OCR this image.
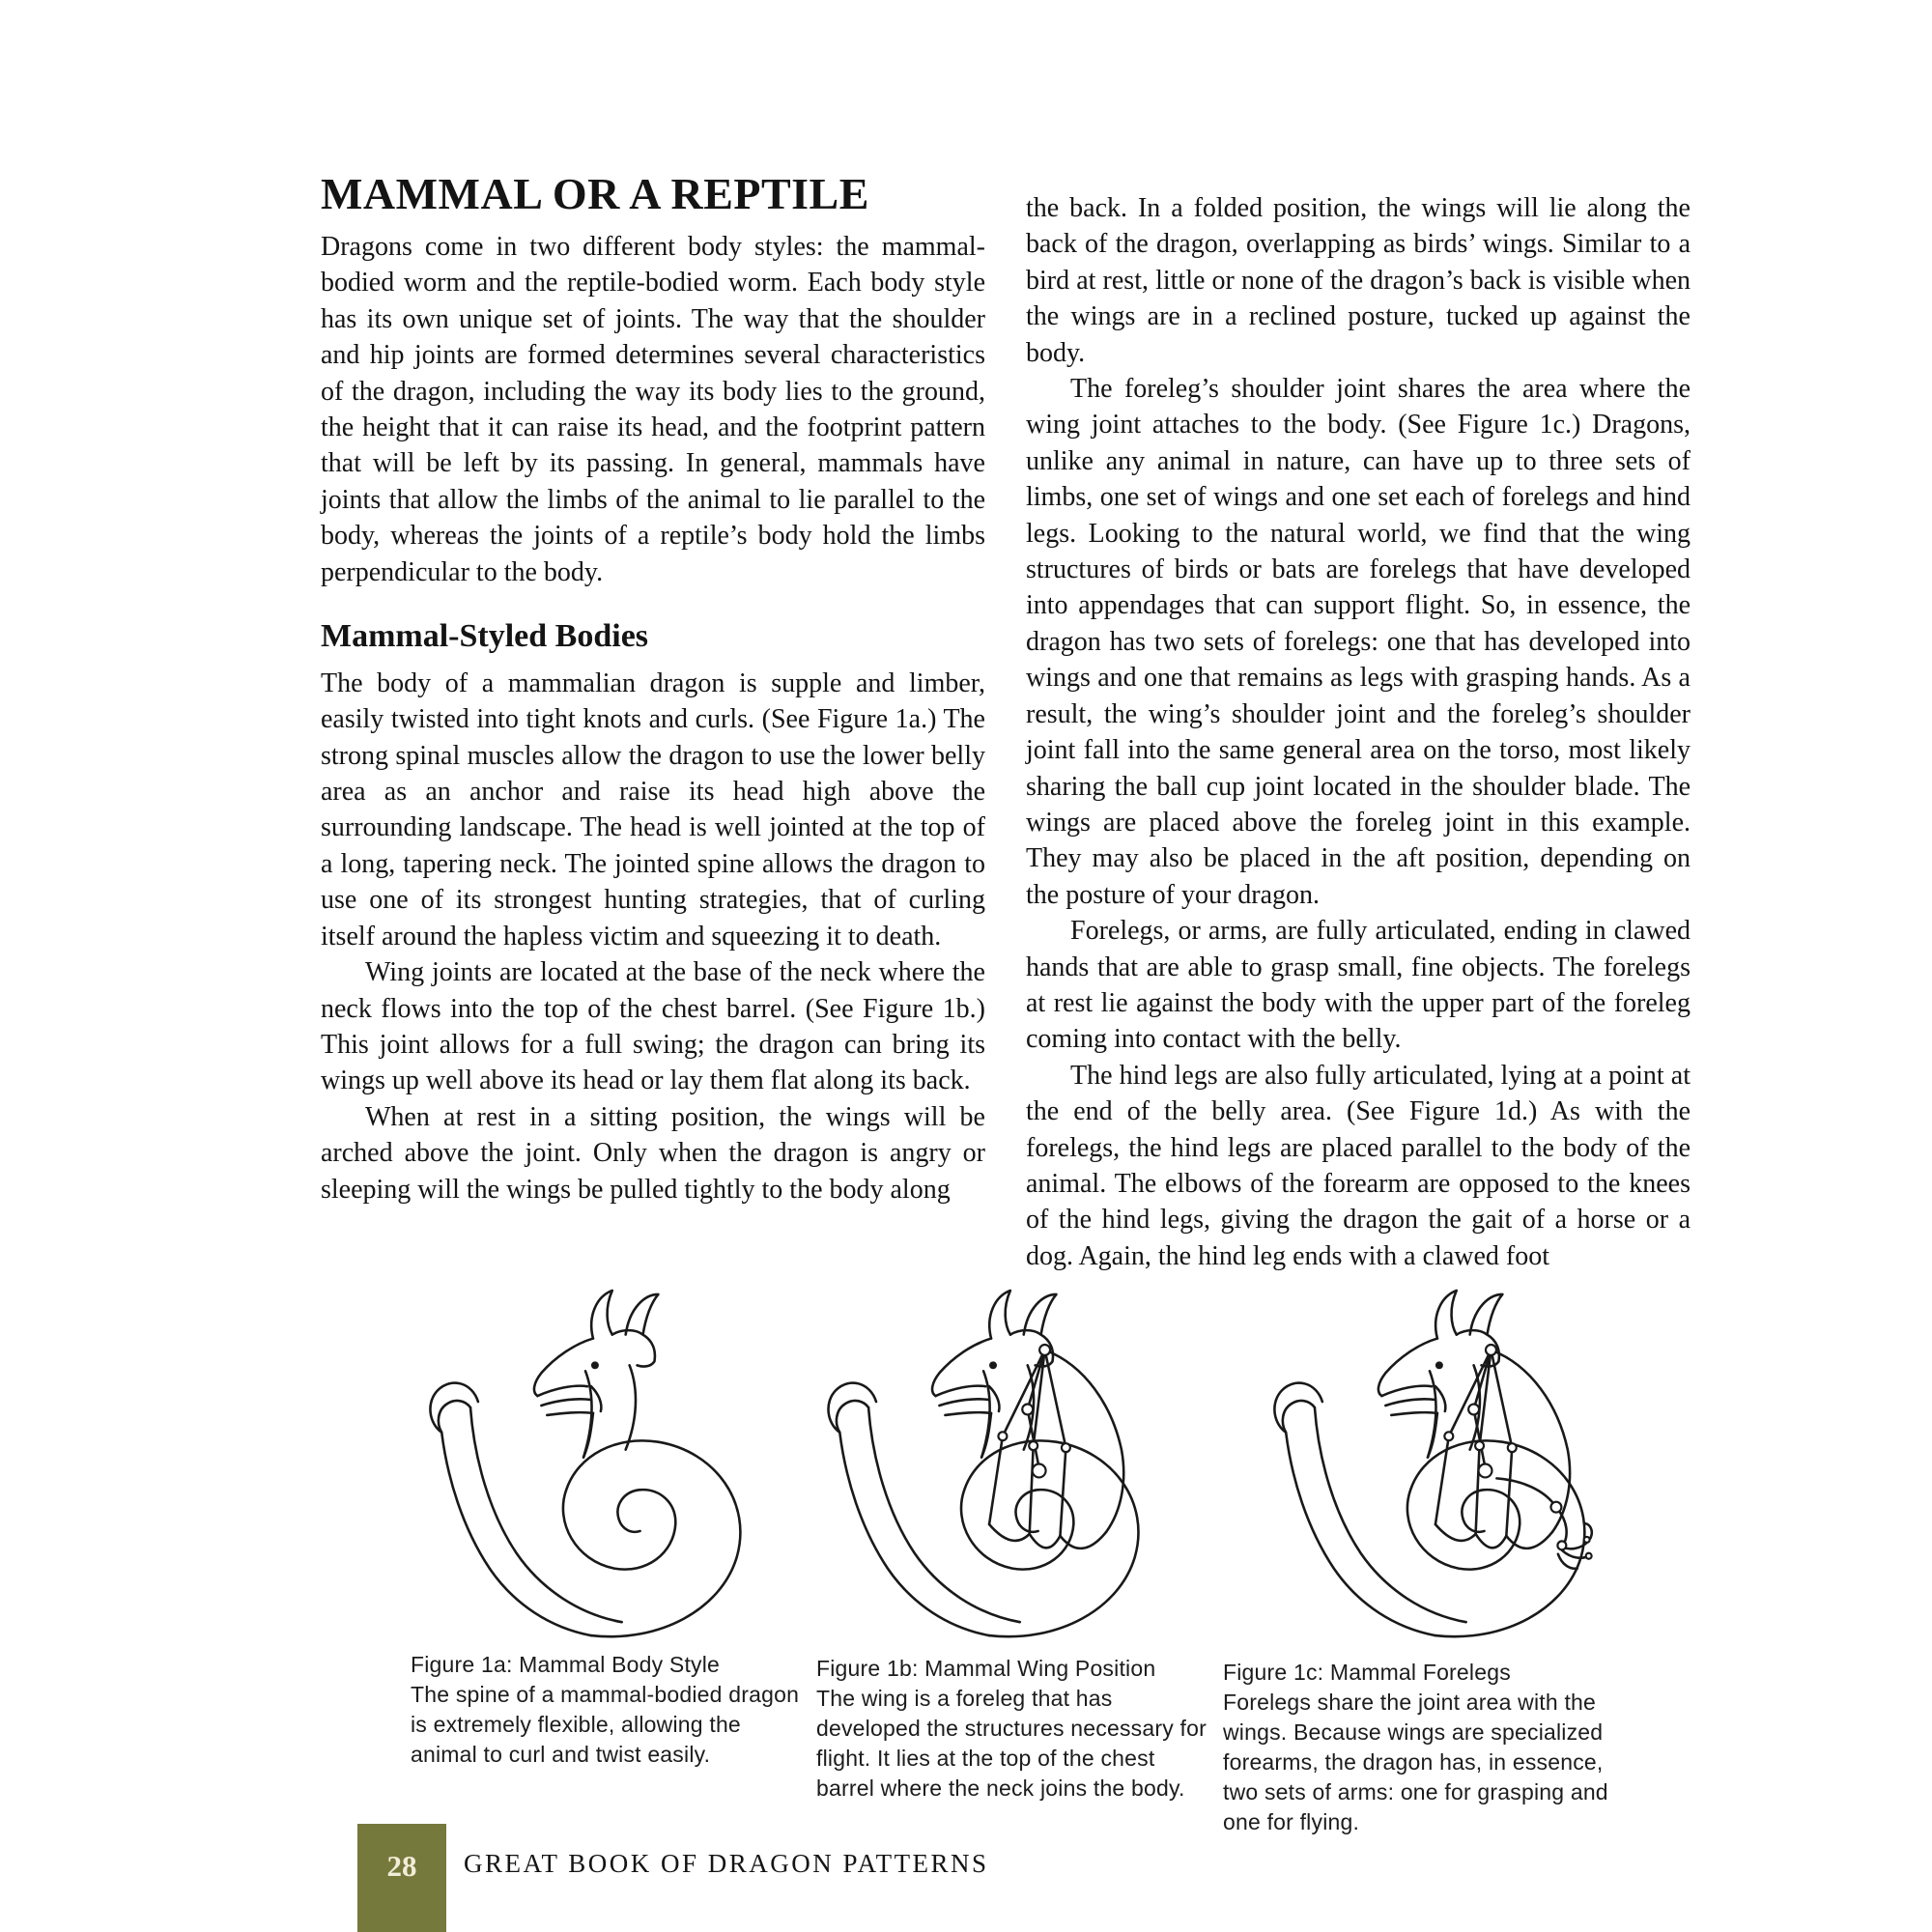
MAMMAL OR A REPTILE

Dragons come in two different body styles: the mammal-bodied worm and the reptile-bodied worm. Each body style has its own unique set of joints. The way that the shoulder and hip joints are formed determines several characteristics of the dragon, including the way its body lies to the ground, the height that it can raise its head, and the footprint pattern that will be left by its passing. In general, mammals have joints that allow the limbs of the animal to lie parallel to the body, whereas the joints of a reptile’s body hold the limbs perpendicular to the body.

Mammal-Styled Bodies

The body of a mammalian dragon is supple and limber, easily twisted into tight knots and curls. (See Figure 1a.) The strong spinal muscles allow the dragon to use the lower belly area as an anchor and raise its head high above the surrounding landscape. The head is well jointed at the top of a long, tapering neck. The jointed spine allows the dragon to use one of its strongest hunting strategies, that of curling itself around the hapless victim and squeezing it to death.

Wing joints are located at the base of the neck where the neck flows into the top of the chest barrel. (See Figure 1b.) This joint allows for a full swing; the dragon can bring its wings up well above its head or lay them flat along its back.

When at rest in a sitting position, the wings will be arched above the joint. Only when the dragon is angry or sleeping will the wings be pulled tightly to the body along

the back. In a folded position, the wings will lie along the back of the dragon, overlapping as birds’ wings. Similar to a bird at rest, little or none of the dragon’s back is visible when the wings are in a reclined posture, tucked up against the body.

The foreleg’s shoulder joint shares the area where the wing joint attaches to the body. (See Figure 1c.) Dragons, unlike any animal in nature, can have up to three sets of limbs, one set of wings and one set each of forelegs and hind legs. Looking to the natural world, we find that the wing structures of birds or bats are forelegs that have developed into appendages that can support flight. So, in essence, the dragon has two sets of forelegs: one that has developed into wings and one that remains as legs with grasping hands. As a result, the wing’s shoulder joint and the foreleg’s shoulder joint fall into the same general area on the torso, most likely sharing the ball cup joint located in the shoulder blade. The wings are placed above the foreleg joint in this example. They may also be placed in the aft position, depending on the posture of your dragon.

Forelegs, or arms, are fully articulated, ending in clawed hands that are able to grasp small, fine objects. The forelegs at rest lie against the body with the upper part of the foreleg coming into contact with the belly.

The hind legs are also fully articulated, lying at a point at the end of the belly area. (See Figure 1d.) As with the forelegs, the hind legs are placed parallel to the body of the animal. The elbows of the forearm are opposed to the knees of the hind legs, giving the dragon the gait of a horse or a dog. Again, the hind leg ends with a clawed foot

Figure 1a: Mammal Body Style
The spine of a mammal-bodied dragon is extremely flexible, allowing the animal to curl and twist easily.
Figure 1b: Mammal Wing Position
The wing is a foreleg that has developed the structures necessary for flight. It lies at the top of the chest barrel where the neck joins the body.
Figure 1c: Mammal Forelegs
Forelegs share the joint area with the wings. Because wings are specialized forearms, the dragon has, in essence, two sets of arms: one for grasping and one for flying.
28	GREAT BOOK OF DRAGON PATTERNS
